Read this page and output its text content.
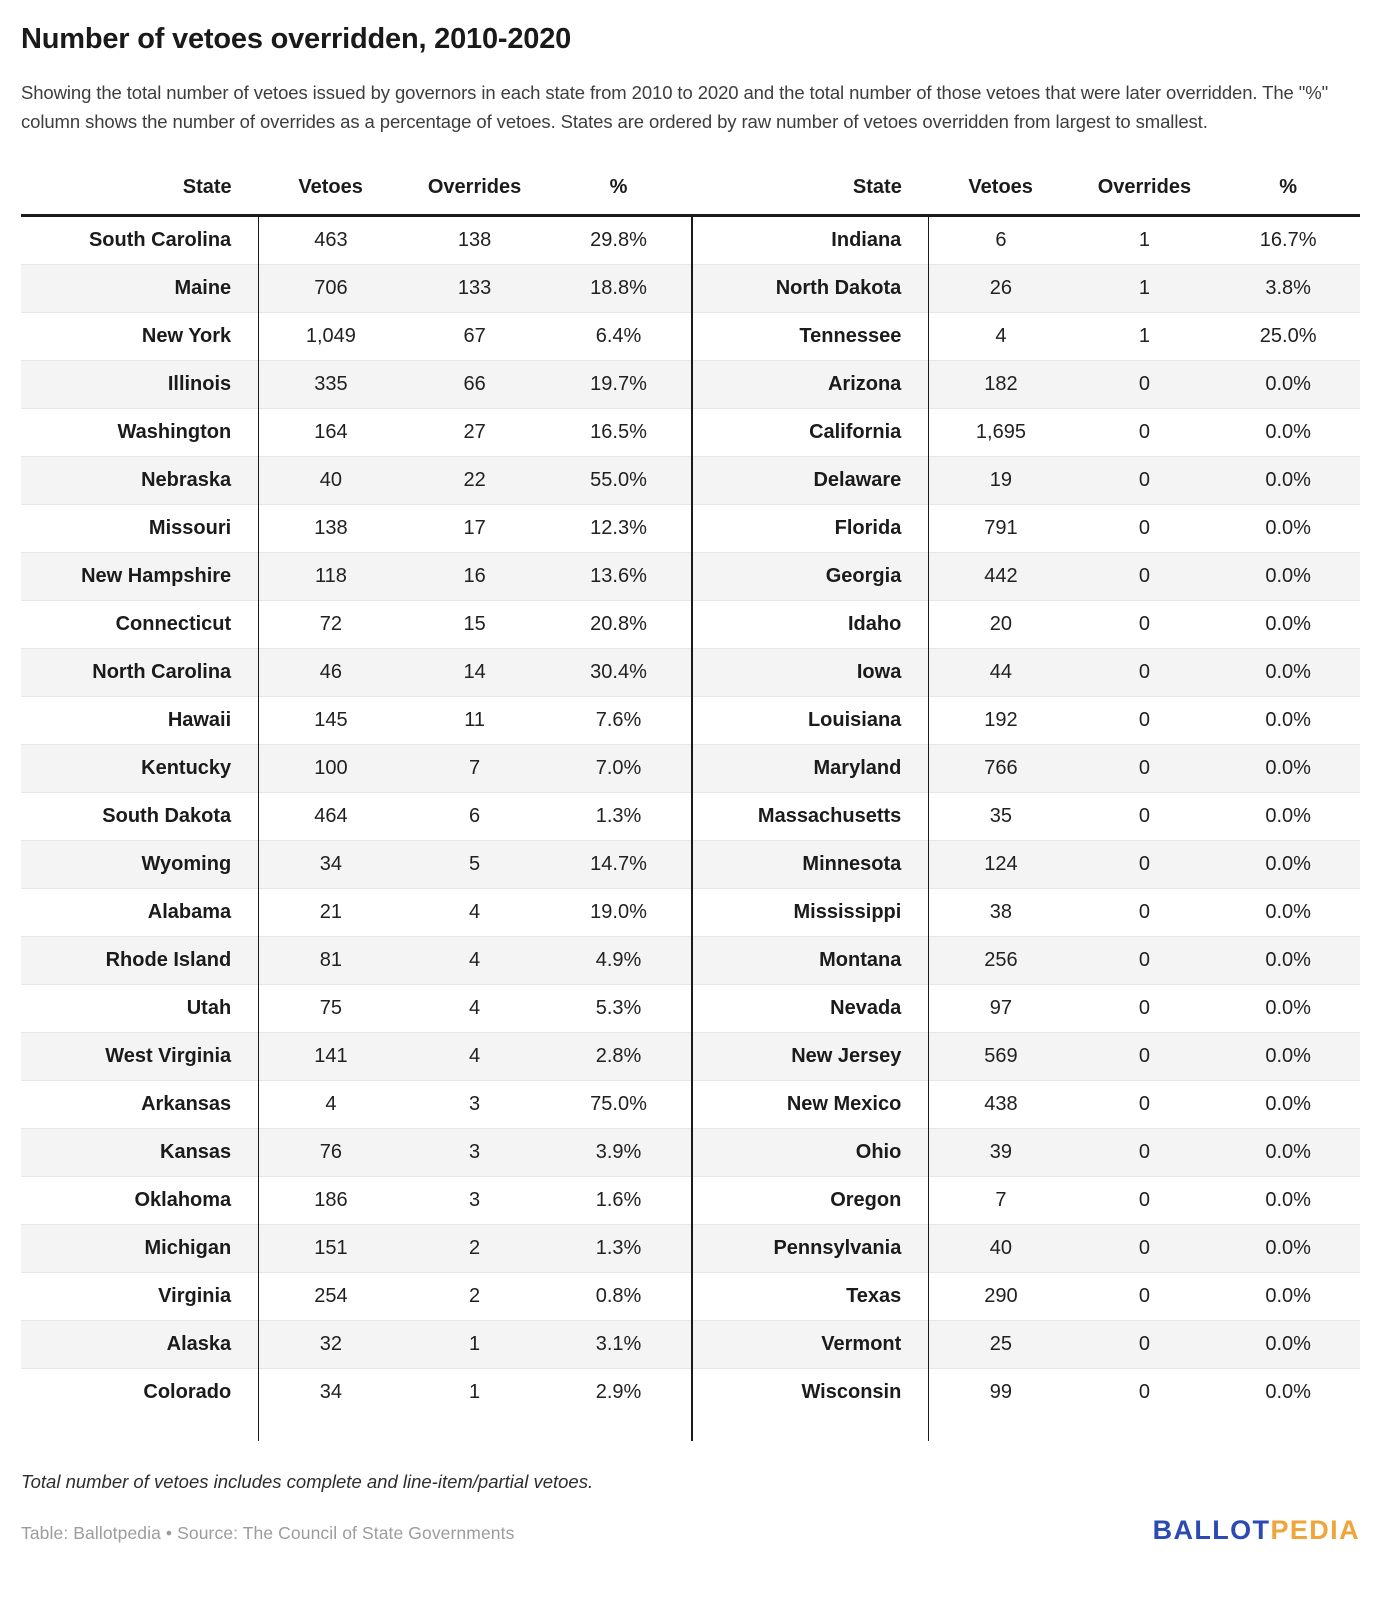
Number of vetoes overridden, 2010-2020

Showing the total number of vetoes issued by governors in each state from 2010 to 2020 and the total number of those vetoes that were later overridden. The "%" column shows the number of overrides as a percentage of vetoes. States are ordered by raw number of vetoes overridden from largest to smallest.

State	Vetoes	Overrides	%
South Carolina	463	138	29.8%
Maine	706	133	18.8%
New York	1,049	67	6.4%
Illinois	335	66	19.7%
Washington	164	27	16.5%
Nebraska	40	22	55.0%
Missouri	138	17	12.3%
New Hampshire	118	16	13.6%
Connecticut	72	15	20.8%
North Carolina	46	14	30.4%
Hawaii	145	11	7.6%
Kentucky	100	7	7.0%
South Dakota	464	6	1.3%
Wyoming	34	5	14.7%
Alabama	21	4	19.0%
Rhode Island	81	4	4.9%
Utah	75	4	5.3%
West Virginia	141	4	2.8%
Arkansas	4	3	75.0%
Kansas	76	3	3.9%
Oklahoma	186	3	1.6%
Michigan	151	2	1.3%
Virginia	254	2	0.8%
Alaska	32	1	3.1%
Colorado	34	1	2.9%

State	Vetoes	Overrides	%
Indiana	6	1	16.7%
North Dakota	26	1	3.8%
Tennessee	4	1	25.0%
Arizona	182	0	0.0%
California	1,695	0	0.0%
Delaware	19	0	0.0%
Florida	791	0	0.0%
Georgia	442	0	0.0%
Idaho	20	0	0.0%
Iowa	44	0	0.0%
Louisiana	192	0	0.0%
Maryland	766	0	0.0%
Massachusetts	35	0	0.0%
Minnesota	124	0	0.0%
Mississippi	38	0	0.0%
Montana	256	0	0.0%
Nevada	97	0	0.0%
New Jersey	569	0	0.0%
New Mexico	438	0	0.0%
Ohio	39	0	0.0%
Oregon	7	0	0.0%
Pennsylvania	40	0	0.0%
Texas	290	0	0.0%
Vermont	25	0	0.0%
Wisconsin	99	0	0.0%

Total number of vetoes includes complete and line-item/partial vetoes.

Table: Ballotpedia • Source: The Council of State Governments	BALLOTPEDIA
